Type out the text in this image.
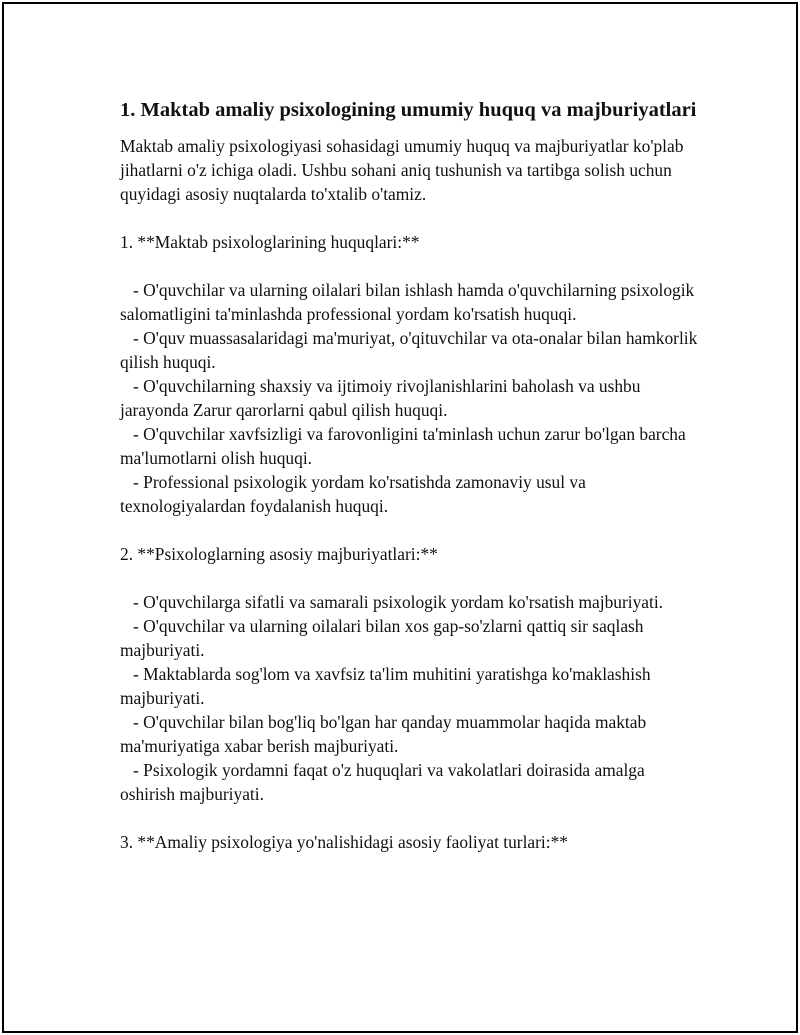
1. Maktab amaliy psixologining umumiy huquq va majburiyatlari

Maktab amaliy psixologiyasi sohasidagi umumiy huquq va majburiyatlar ko'plab jihatlarni o'z ichiga oladi. Ushbu sohani aniq tushunish va tartibga solish uchun quyidagi asosiy nuqtalarda to'xtalib o'tamiz.

1. **Maktab psixologlarining huquqlari:**

- O'quvchilar va ularning oilalari bilan ishlash hamda o'quvchilarning psixologik salomatligini ta'minlashda professional yordam ko'rsatish huquqi.

- O'quv muassasalaridagi ma'muriyat, o'qituvchilar va ota-onalar bilan hamkorlik qilish huquqi.

- O'quvchilarning shaxsiy va ijtimoiy rivojlanishlarini baholash va ushbu jarayonda Zarur qarorlarni qabul qilish huquqi.

- O'quvchilar xavfsizligi va farovonligini ta'minlash uchun zarur bo'lgan barcha ma'lumotlarni olish huquqi.

- Professional psixologik yordam ko'rsatishda zamonaviy usul va texnologiyalardan foydalanish huquqi.

2. **Psixologlarning asosiy majburiyatlari:**

- O'quvchilarga sifatli va samarali psixologik yordam ko'rsatish majburiyati.

- O'quvchilar va ularning oilalari bilan xos gap-so'zlarni qattiq sir saqlash majburiyati.

- Maktablarda sog'lom va xavfsiz ta'lim muhitini yaratishga ko'maklashish majburiyati.

- O'quvchilar bilan bog'liq bo'lgan har qanday muammolar haqida maktab ma'muriyatiga xabar berish majburiyati.

- Psixologik yordamni faqat o'z huquqlari va vakolatlari doirasida amalga oshirish majburiyati.

3. **Amaliy psixologiya yo'nalishidagi asosiy faoliyat turlari:**
